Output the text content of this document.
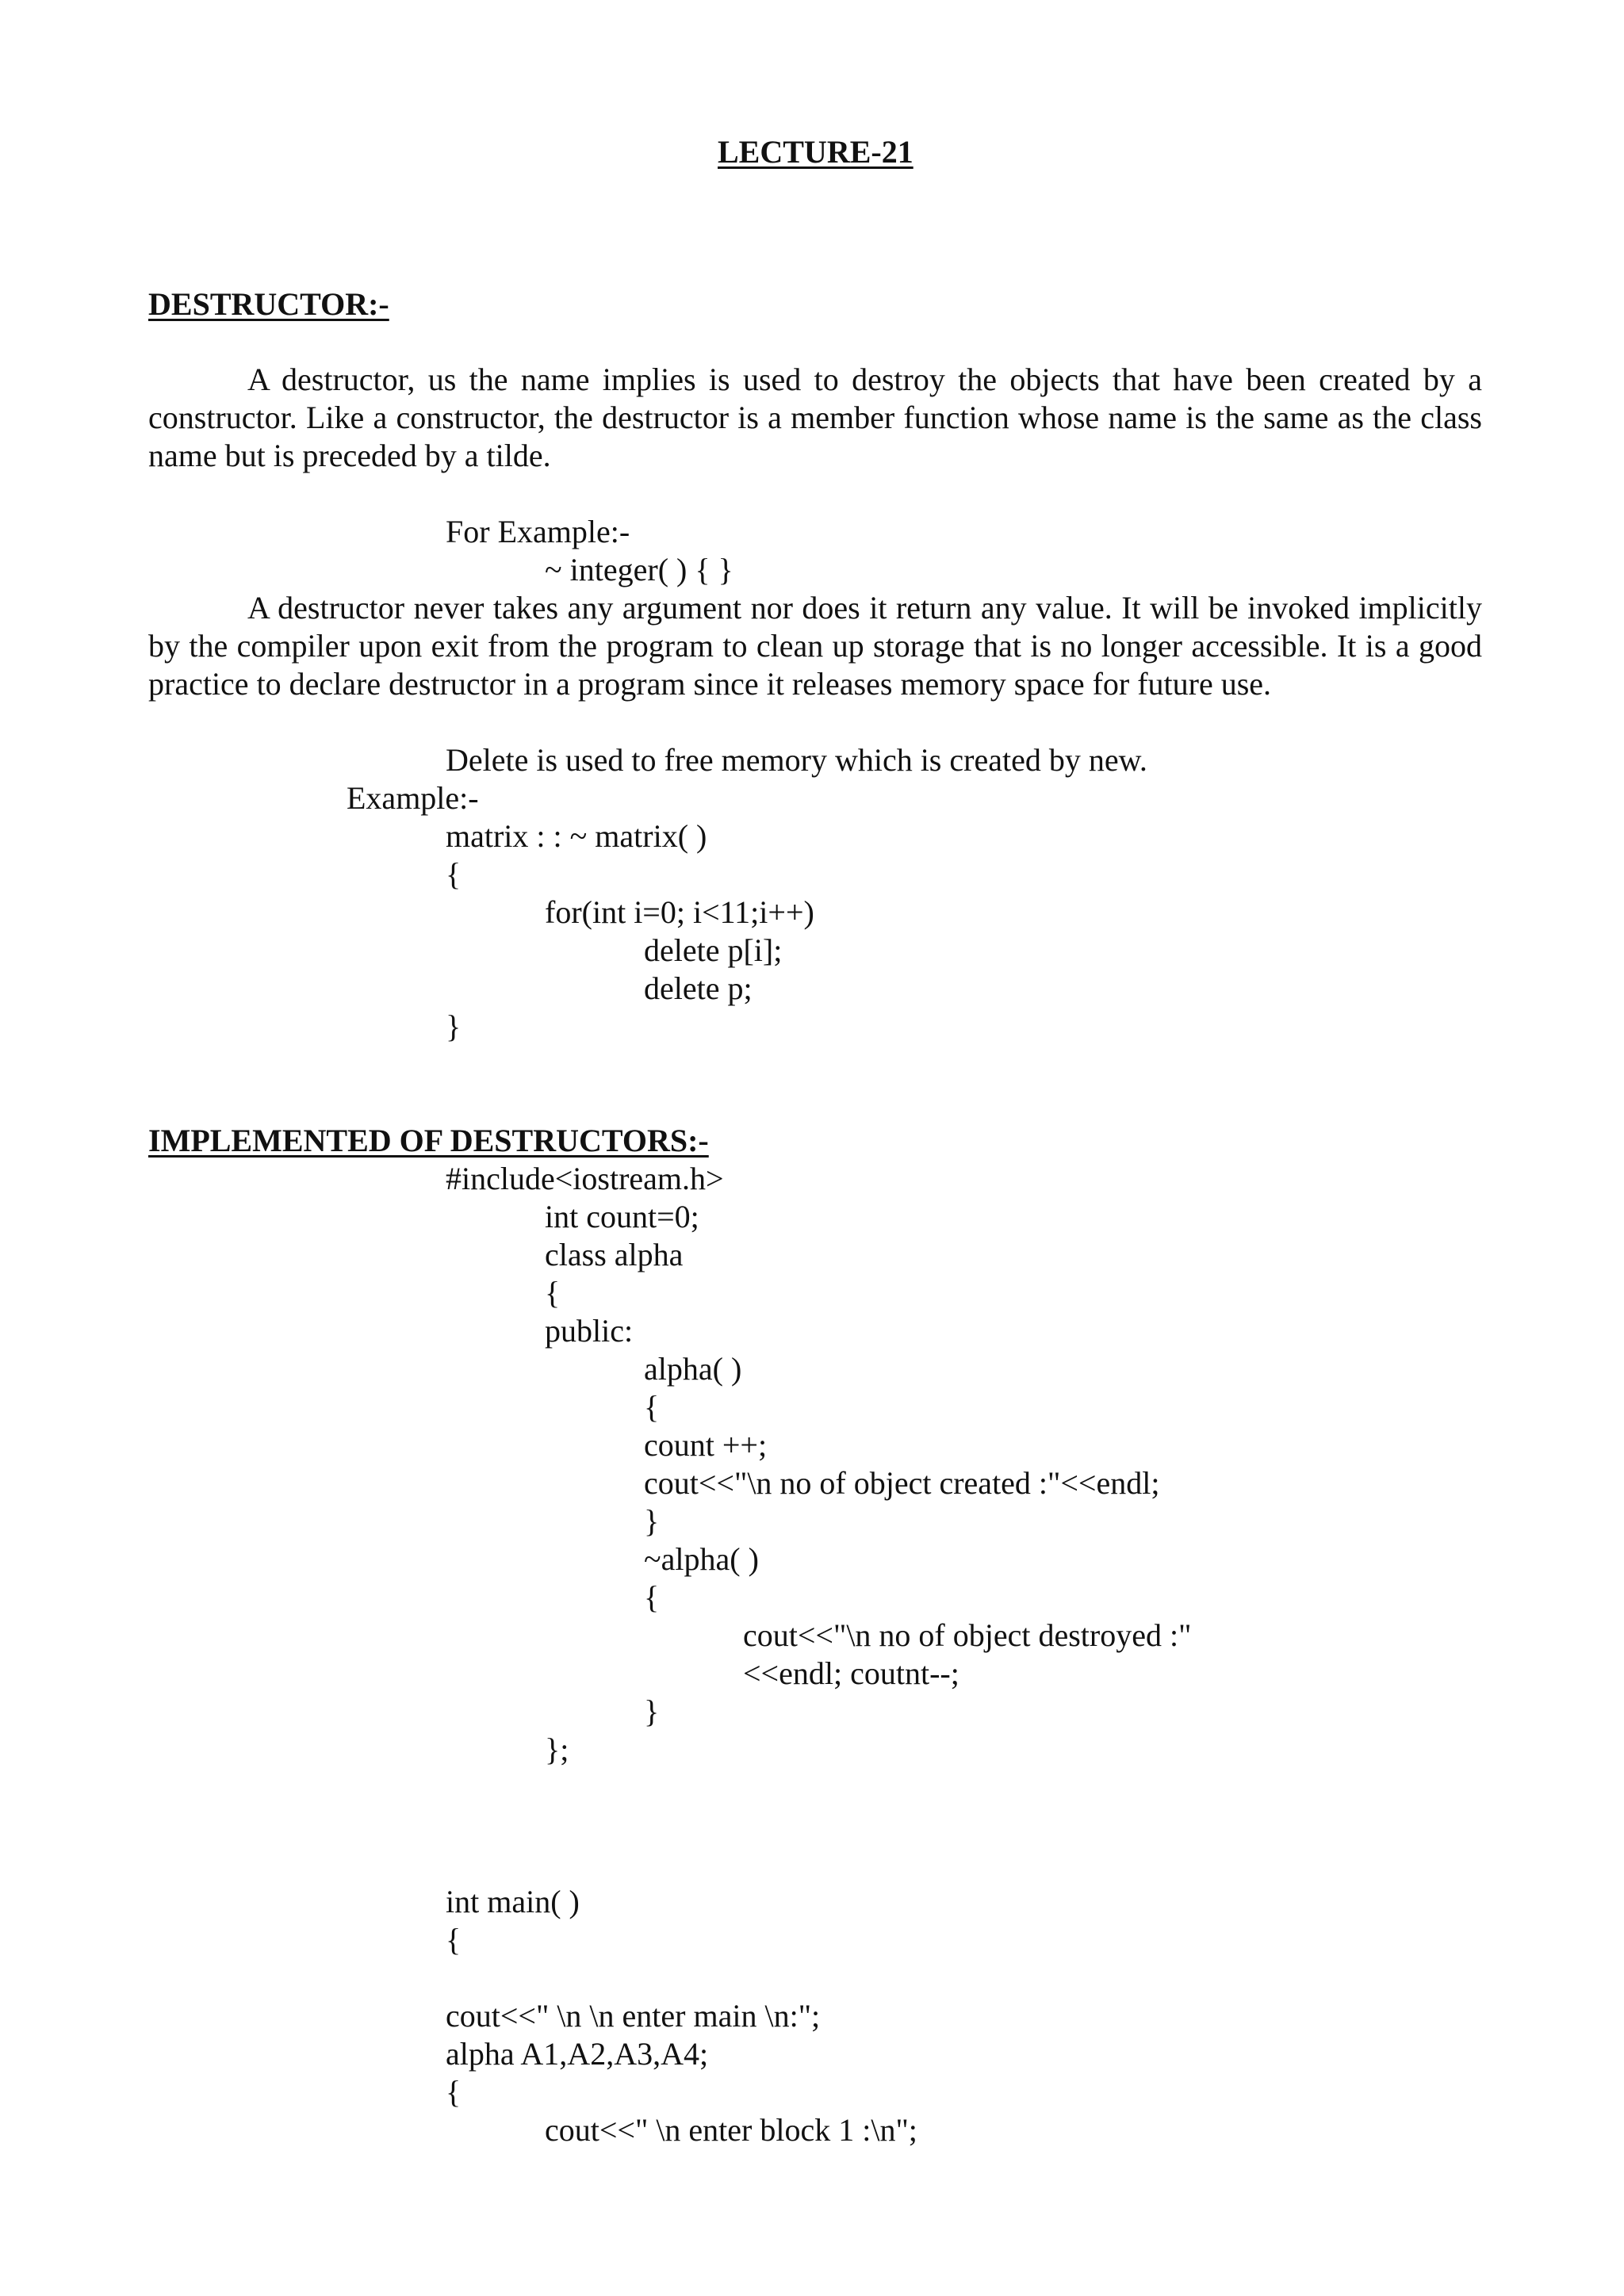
LECTURE-21
DESTRUCTOR:-

A destructor, us the name implies is used to destroy the objects that have been created by a constructor. Like a constructor, the destructor is a member function whose name is the same as the class name but is preceded by a tilde.

For Example:-
~ integer( ) { }

A destructor never takes any argument nor does it return any value. It will be invoked implicitly by the compiler upon exit from the program to clean up storage that is no longer accessible. It is a good practice to declare destructor in a program since it releases memory space for future use.

Delete is used to free memory which is created by new.
Example:-
matrix : : ~ matrix( )
{
for(int i=0; i<11;i++)
delete p[i];
delete p;
}
IMPLEMENTED OF DESTRUCTORS:-
#include<iostream.h>
int count=0;
class alpha
{
public:
alpha( )
{
count ++;
cout<<"\n no of object created :"<<endl;
}
~alpha( )
{
cout<<"\n no of object destroyed :"
<<endl; coutnt--;
}
};
int main( )
{
cout<<" \n \n enter main \n:";
alpha A1,A2,A3,A4;
{
cout<<" \n enter block 1 :\n";
